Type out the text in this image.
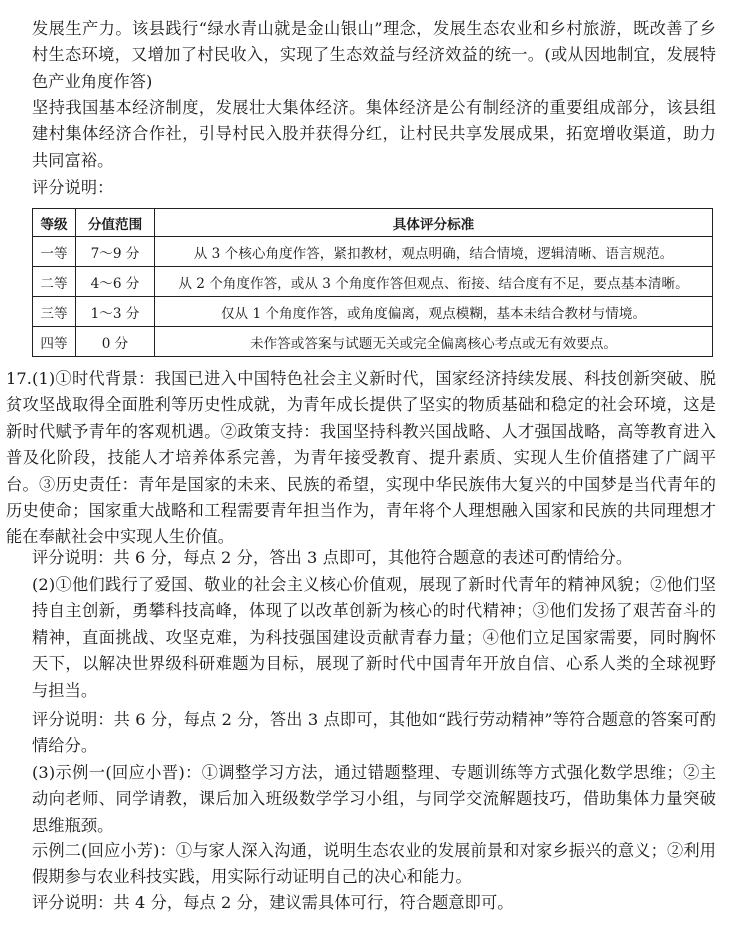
发展生产力。该县践行“绿水青山就是金山银山”理念，发展生态农业和乡村旅游，既改善了乡村生态环境，又增加了村民收入，实现了生态效益与经济效益的统一。(或从因地制宜，发展特色产业角度作答)

坚持我国基本经济制度，发展壮大集体经济。集体经济是公有制经济的重要组成部分，该县组建村集体经济合作社，引导村民入股并获得分红，让村民共享发展成果，拓宽增收渠道，助力共同富裕。

评分说明：

等级	分值范围	具体评分标准
一等	7～9 分	从 3 个核心角度作答，紧扣教材，观点明确，结合情境，逻辑清晰、语言规范。
二等	4～6 分	从 2 个角度作答，或从 3 个角度作答但观点、衔接、结合度有不足，要点基本清晰。
三等	1～3 分	仅从 1 个角度作答，或角度偏离，观点模糊，基本未结合教材与情境。
四等	0 分	未作答或答案与试题无关或完全偏离核心考点或无有效要点。

17.(1)①时代背景：我国已进入中国特色社会主义新时代，国家经济持续发展、科技创新突破、脱贫攻坚战取得全面胜利等历史性成就，为青年成长提供了坚实的物质基础和稳定的社会环境，这是新时代赋予青年的客观机遇。②政策支持：我国坚持科教兴国战略、人才强国战略，高等教育进入普及化阶段，技能人才培养体系完善，为青年接受教育、提升素质、实现人生价值搭建了广阔平台。③历史责任：青年是国家的未来、民族的希望，实现中华民族伟大复兴的中国梦是当代青年的历史使命；国家重大战略和工程需要青年担当作为，青年将个人理想融入国家和民族的共同理想才能在奉献社会中实现人生价值。

评分说明：共 6 分，每点 2 分，答出 3 点即可，其他符合题意的表述可酌情给分。

(2)①他们践行了爱国、敬业的社会主义核心价值观，展现了新时代青年的精神风貌；②他们坚持自主创新，勇攀科技高峰，体现了以改革创新为核心的时代精神；③他们发扬了艰苦奋斗的精神，直面挑战、攻坚克难，为科技强国建设贡献青春力量；④他们立足国家需要，同时胸怀天下，以解决世界级科研难题为目标，展现了新时代中国青年开放自信、心系人类的全球视野与担当。

评分说明：共 6 分，每点 2 分，答出 3 点即可，其他如“践行劳动精神”等符合题意的答案可酌情给分。

(3)示例一(回应小晋)：①调整学习方法，通过错题整理、专题训练等方式强化数学思维；②主动向老师、同学请教，课后加入班级数学学习小组，与同学交流解题技巧，借助集体力量突破思维瓶颈。

示例二(回应小芳)：①与家人深入沟通，说明生态农业的发展前景和对家乡振兴的意义；②利用假期参与农业科技实践，用实际行动证明自己的决心和能力。

评分说明：共 4 分，每点 2 分，建议需具体可行，符合题意即可。
